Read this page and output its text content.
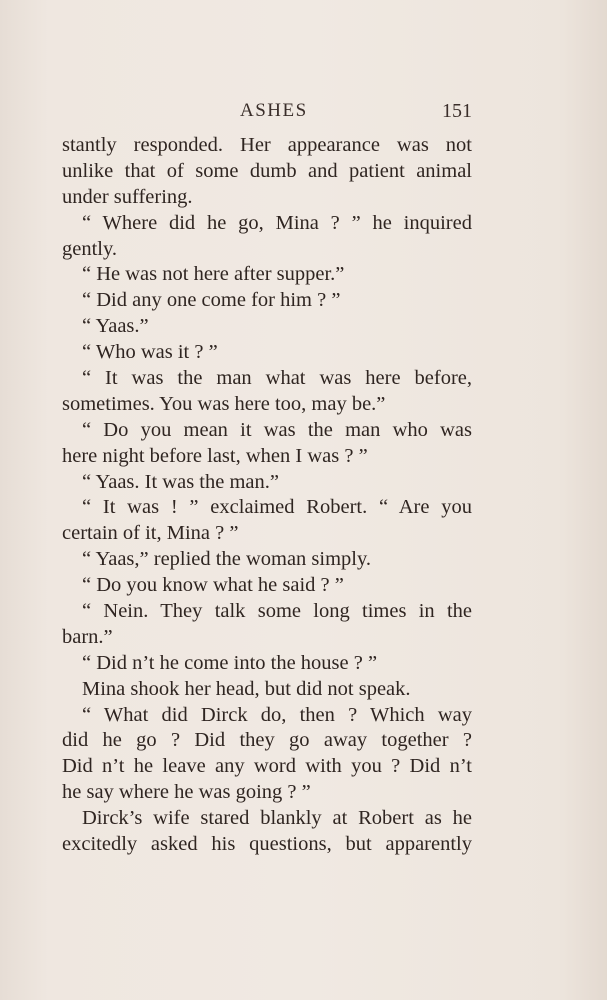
ASHES	151
stantly responded. Her appearance was not
unlike that of some dumb and patient animal
under suffering.
“ Where did he go, Mina ? ” he inquired
gently.
“ He was not here after supper.”
“ Did any one come for him ? ”
“ Yaas.”
“ Who was it ? ”
“ It was the man what was here before,
sometimes. You was here too, may be.”
“ Do you mean it was the man who was
here night before last, when I was ? ”
“ Yaas. It was the man.”
“ It was ! ” exclaimed Robert. “ Are you
certain of it, Mina ? ”
“ Yaas,” replied the woman simply.
“ Do you know what he said ? ”
“ Nein. They talk some long times in the
barn.”
“ Did n’t he come into the house ? ”
Mina shook her head, but did not speak.
“ What did Dirck do, then ? Which way
did he go ? Did they go away together ?
Did n’t he leave any word with you ? Did n’t
he say where he was going ? ”
Dirck’s wife stared blankly at Robert as he
excitedly asked his questions, but apparently
